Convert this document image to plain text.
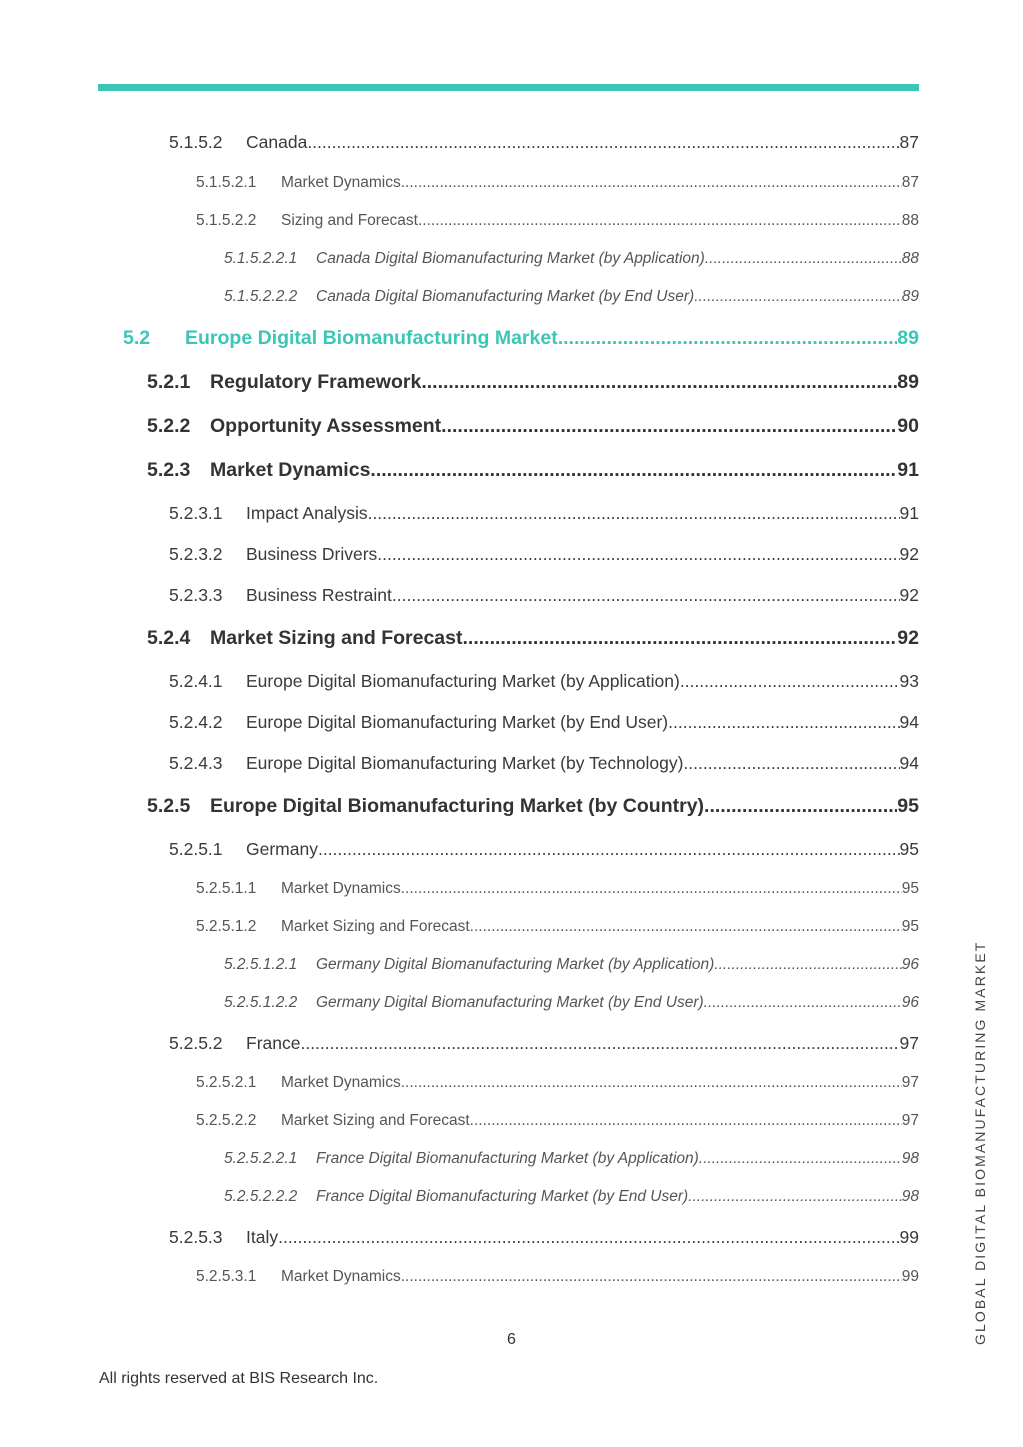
5.1.5.2	Canada .....	87
5.1.5.2.1	Market Dynamics .....	87
5.1.5.2.2	Sizing and Forecast .....	88
5.1.5.2.2.1	Canada Digital Biomanufacturing Market (by Application) .....	88
5.1.5.2.2.2	Canada Digital Biomanufacturing Market (by End User) .....	89
5.2	Europe Digital Biomanufacturing Market .....	89
5.2.1	Regulatory Framework .....	89
5.2.2	Opportunity Assessment .....	90
5.2.3	Market Dynamics .....	91
5.2.3.1	Impact Analysis .....	91
5.2.3.2	Business Drivers .....	92
5.2.3.3	Business Restraint .....	92
5.2.4	Market Sizing and Forecast .....	92
5.2.4.1	Europe Digital Biomanufacturing Market (by Application) .....	93
5.2.4.2	Europe Digital Biomanufacturing Market (by End User) .....	94
5.2.4.3	Europe Digital Biomanufacturing Market (by Technology) .....	94
5.2.5	Europe Digital Biomanufacturing Market (by Country) .....	95
5.2.5.1	Germany .....	95
5.2.5.1.1	Market Dynamics .....	95
5.2.5.1.2	Market Sizing and Forecast .....	95
5.2.5.1.2.1	Germany Digital Biomanufacturing Market (by Application) .....	96
5.2.5.1.2.2	Germany Digital Biomanufacturing Market (by End User) .....	96
5.2.5.2	France .....	97
5.2.5.2.1	Market Dynamics .....	97
5.2.5.2.2	Market Sizing and Forecast .....	97
5.2.5.2.2.1	France Digital Biomanufacturing Market (by Application) .....	98
5.2.5.2.2.2	France Digital Biomanufacturing Market (by End User) .....	98
5.2.5.3	Italy .....	99
5.2.5.3.1	Market Dynamics .....	99	GLOBAL DIGITAL BIOMANUFACTURING MARKET
6
All rights reserved at BIS Research Inc.
